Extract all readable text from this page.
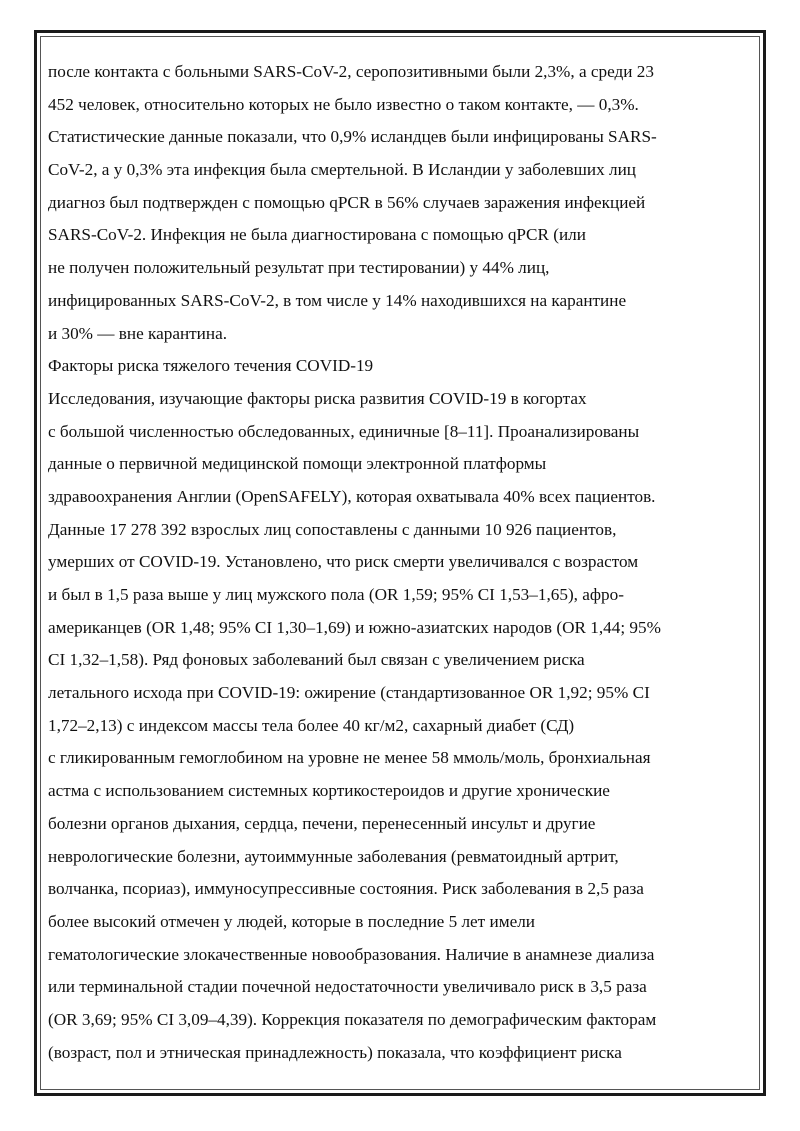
после контакта с больными SARS-CoV-2, серопозитивными были 2,3%, а среди 23

452 человек, относительно которых не было известно о таком контакте, — 0,3%.

Статистические данные показали, что 0,9% исландцев были инфицированы SARS-

CoV-2, а у 0,3% эта инфекция была смертельной. В Исландии у заболевших лиц

диагноз был подтвержден с помощью qPCR в 56% случаев заражения инфекцией

SARS-CoV-2. Инфекция не была диагностирована с помощью qPCR (или

не получен положительный результат при тестировании) у 44% лиц,

инфицированных SARS-CoV-2, в том числе у 14% находившихся на карантине

и 30% — вне карантина.

Факторы риска тяжелого течения COVID-19

Исследования, изучающие факторы риска развития COVID-19 в когортах

с большой численностью обследованных, единичные [8–11]. Проанализированы

данные о первичной медицинской помощи электронной платформы

здравоохранения Англии (OpenSAFELY), которая охватывала 40% всех пациентов.

Данные 17 278 392 взрослых лиц сопоставлены с данными 10 926 пациентов,

умерших от COVID-19. Установлено, что риск смерти увеличивался с возрастом

и был в 1,5 раза выше у лиц мужского пола (OR 1,59; 95% CI 1,53–1,65), афро-

американцев (OR 1,48; 95% CI 1,30–1,69) и южно-азиатских народов (OR 1,44; 95%

CI 1,32–1,58). Ряд фоновых заболеваний был связан с увеличением риска

летального исхода при COVID-19: ожирение (стандартизованное OR 1,92; 95% CI

1,72–2,13) с индексом массы тела более 40 кг/м2, сахарный диабет (СД)

с гликированным гемоглобином на уровне не менее 58 ммоль/моль, бронхиальная

астма с использованием системных кортикостероидов и другие хронические

болезни органов дыхания, сердца, печени, перенесенный инсульт и другие

неврологические болезни, аутоиммунные заболевания (ревматоидный артрит,

волчанка, псориаз), иммуносупрессивные состояния. Риск заболевания в 2,5 раза

более высокий отмечен у людей, которые в последние 5 лет имели

гематологические злокачественные новообразования. Наличие в анамнезе диализа

или терминальной стадии почечной недостаточности увеличивало риск в 3,5 раза

(OR 3,69; 95% CI 3,09–4,39). Коррекция показателя по демографическим факторам

(возраст, пол и этническая принадлежность) показала, что коэффициент риска
